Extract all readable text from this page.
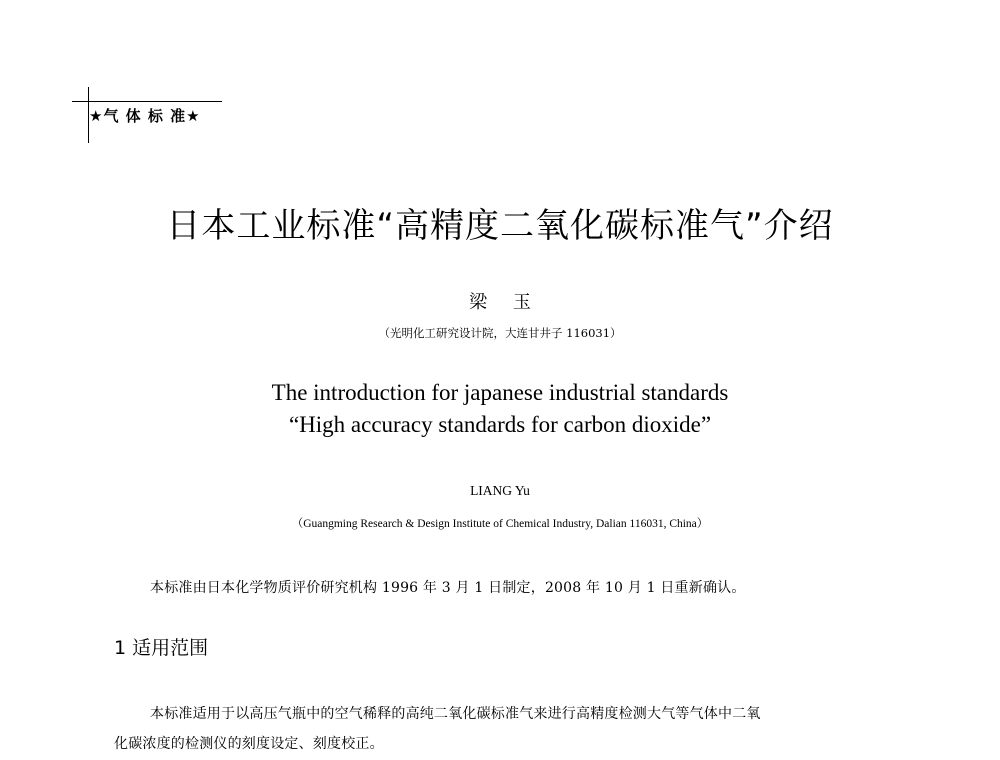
★气 体 标 准★
日本工业标准“高精度二氧化碳标准气”介绍
梁 玉
（光明化工研究设计院，大连甘井子 116031）
The introduction for japanese industrial standards
“High accuracy standards for carbon dioxide”
LIANG Yu
（Guangming Research & Design Institute of Chemical Industry, Dalian 116031, China）
本标准由日本化学物质评价研究机构 1996 年 3 月 1 日制定，2008 年 10 月 1 日重新确认。
1 适用范围
本标准适用于以高压气瓶中的空气稀释的高纯二氧化碳标准气来进行高精度检测大气等气体中二氧
化碳浓度的检测仪的刻度设定、刻度校正。
